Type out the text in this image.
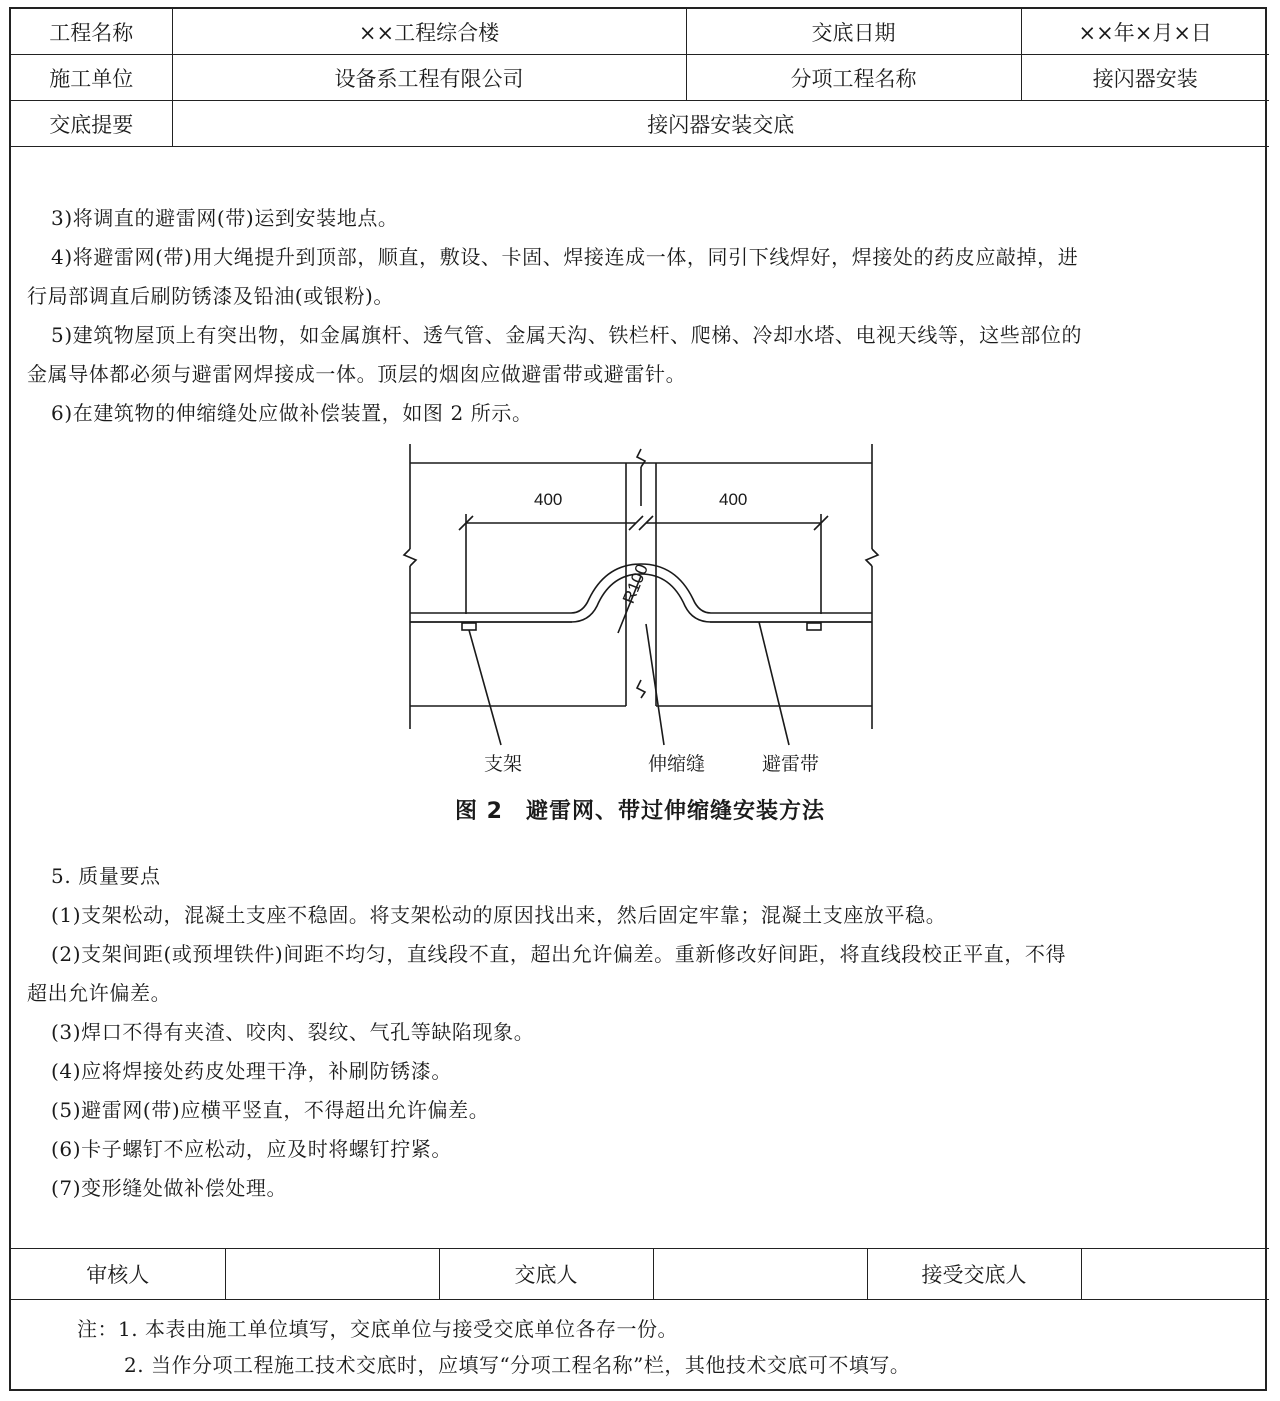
工程名称	××工程综合楼	交底日期	××年×月×日
施工单位	设备系工程有限公司	分项工程名称	接闪器安装
交底提要	接闪器安装交底		
3)将调直的避雷网(带)运到安装地点。
4)将避雷网(带)用大绳提升到顶部，顺直，敷设、卡固、焊接连成一体，同引下线焊好，焊接处的药皮应敲掉，进
行局部调直后刷防锈漆及铅油(或银粉)。
5)建筑物屋顶上有突出物，如金属旗杆、透气管、金属天沟、铁栏杆、爬梯、冷却水塔、电视天线等，这些部位的
金属导体都必须与避雷网焊接成一体。顶层的烟囱应做避雷带或避雷针。
6)在建筑物的伸缩缝处应做补偿装置，如图 2 所示。
400	400
R100
支架	伸缩缝	避雷带
图 2　避雷网、带过伸缩缝安装方法
5. 质量要点
(1)支架松动，混凝土支座不稳固。将支架松动的原因找出来，然后固定牢靠；混凝土支座放平稳。
(2)支架间距(或预埋铁件)间距不均匀，直线段不直，超出允许偏差。重新修改好间距，将直线段校正平直，不得
超出允许偏差。
(3)焊口不得有夹渣、咬肉、裂纹、气孔等缺陷现象。
(4)应将焊接处药皮处理干净，补刷防锈漆。
(5)避雷网(带)应横平竖直，不得超出允许偏差。
(6)卡子螺钉不应松动，应及时将螺钉拧紧。
(7)变形缝处做补偿处理。
审核人		交底人		接受交底人	
注：1. 本表由施工单位填写，交底单位与接受交底单位各存一份。
2. 当作分项工程施工技术交底时，应填写“分项工程名称”栏，其他技术交底可不填写。
